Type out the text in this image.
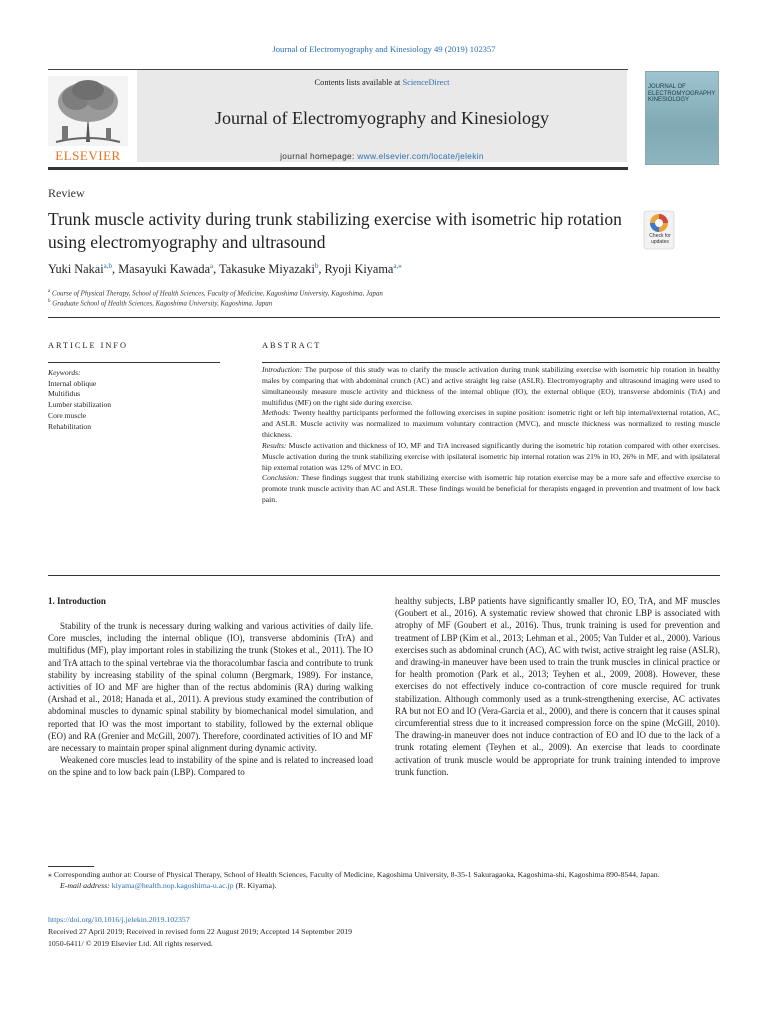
Journal of Electromyography and Kinesiology 49 (2019) 102357
Contents lists available at ScienceDirect
Journal of Electromyography and Kinesiology
journal homepage: www.elsevier.com/locate/jelekin
ELSEVIER
JOURNAL OF ELECTROMYOGRAPHY KINESIOLOGY
Review
Trunk muscle activity during trunk stabilizing exercise with isometric hip rotation using electromyography and ultrasound	Check for updates
Yuki Nakai$^{a,b}$, Masayuki Kawada$^a$, Takasuke Miyazaki$^b$, Ryoji Kiyama$^{a,⁎}$
$^a$ Course of Physical Therapy, School of Health Sciences, Faculty of Medicine, Kagoshima University, Kagoshima, Japan
$^b$ Graduate School of Health Sciences, Kagoshima University, Kagoshima, Japan
ARTICLE INFO
Keywords:
Internal oblique
Multifidus
Lumber stabilization
Core muscle
Rehabilitation
ABSTRACT

Introduction: The purpose of this study was to clarify the muscle activation during trunk stabilizing exercise with isometric hip rotation in healthy males by comparing that with abdominal crunch (AC) and active straight leg raise (ASLR). Electromyography and ultrasound imaging were used to simultaneously measure muscle activity and thickness of the internal oblique (IO), the external oblique (EO), transverse abdominis (TrA) and multifidus (MF) on the right side during exercise.

Methods: Twenty healthy participants performed the following exercises in supine position: isometric right or left hip internal/external rotation, AC, and ASLR. Muscle activity was normalized to maximum voluntary contraction (MVC), and muscle thickness was normalized to resting muscle thickness.

Results: Muscle activation and thickness of IO, MF and TrA increased significantly during the isometric hip rotation compared with other exercises. Muscle activation during the trunk stabilizing exercise with ipsilateral isometric hip internal rotation was 21% in IO, 26% in MF, and with ipsilateral hip external rotation was 12% of MVC in EO.

Conclusion: These findings suggest that trunk stabilizing exercise with isometric hip rotation exercise may be a more safe and effective exercise to promote trunk muscle activity than AC and ASLR. These findings would be beneficial for therapists engaged in prevention and treatment of low back pain.

1. Introduction

Stability of the trunk is necessary during walking and various activities of daily life. Core muscles, including the internal oblique (IO), transverse abdominis (TrA) and multifidus (MF), play important roles in stabilizing the trunk (Stokes et al., 2011). The IO and TrA attach to the spinal vertebrae via the thoracolumbar fascia and contribute to trunk stability by increasing stability of the spinal column (Bergmark, 1989). For instance, activities of IO and MF are higher than of the rectus abdominis (RA) during walking (Arshad et al., 2018; Hanada et al., 2011). A previous study examined the contribution of abdominal muscles to dynamic spinal stability by biomechanical model simulation, and reported that IO was the most important to stability, followed by the external oblique (EO) and RA (Grenier and McGill, 2007). Therefore, coordinated activities of IO and MF are necessary to maintain proper spinal alignment during dynamic activity.

Weakened core muscles lead to instability of the spine and is related to increased load on the spine and to low back pain (LBP). Compared to

healthy subjects, LBP patients have significantly smaller IO, EO, TrA, and MF muscles (Goubert et al., 2016). A systematic review showed that chronic LBP is associated with atrophy of MF (Goubert et al., 2016). Thus, trunk training is used for prevention and treatment of LBP (Kim et al., 2013; Lehman et al., 2005; Van Tulder et al., 2000). Various exercises such as abdominal crunch (AC), AC with twist, active straight leg raise (ASLR), and drawing-in maneuver have been used to train the trunk muscles in clinical practice or for health promotion (Park et al., 2013; Teyhen et al., 2009, 2008). However, these exercises do not effectively induce co-contraction of core muscle required for trunk stabilization. Although commonly used as a trunk-strengthening exercise, AC activates RA but not EO and IO (Vera-Garcia et al., 2000), and there is concern that it causes spinal circumferential stress due to it increased compression force on the spine (McGill, 2010). The drawing-in maneuver does not induce contraction of EO and IO due to the lack of a trunk rotating element (Teyhen et al., 2009). An exercise that leads to coordinate activation of trunk muscle would be appropriate for trunk training intended to improve trunk function.

⁎ Corresponding author at: Course of Physical Therapy, School of Health Sciences, Faculty of Medicine, Kagoshima University, 8-35-1 Sakuragaoka, Kagoshima-shi, Kagoshima 890-8544, Japan.

E-mail address: kiyama@health.nop.kagoshima-u.ac.jp (R. Kiyama).

https://doi.org/10.1016/j.jelekin.2019.102357

Received 27 April 2019; Received in revised form 22 August 2019; Accepted 14 September 2019

1050-6411/ © 2019 Elsevier Ltd. All rights reserved.
